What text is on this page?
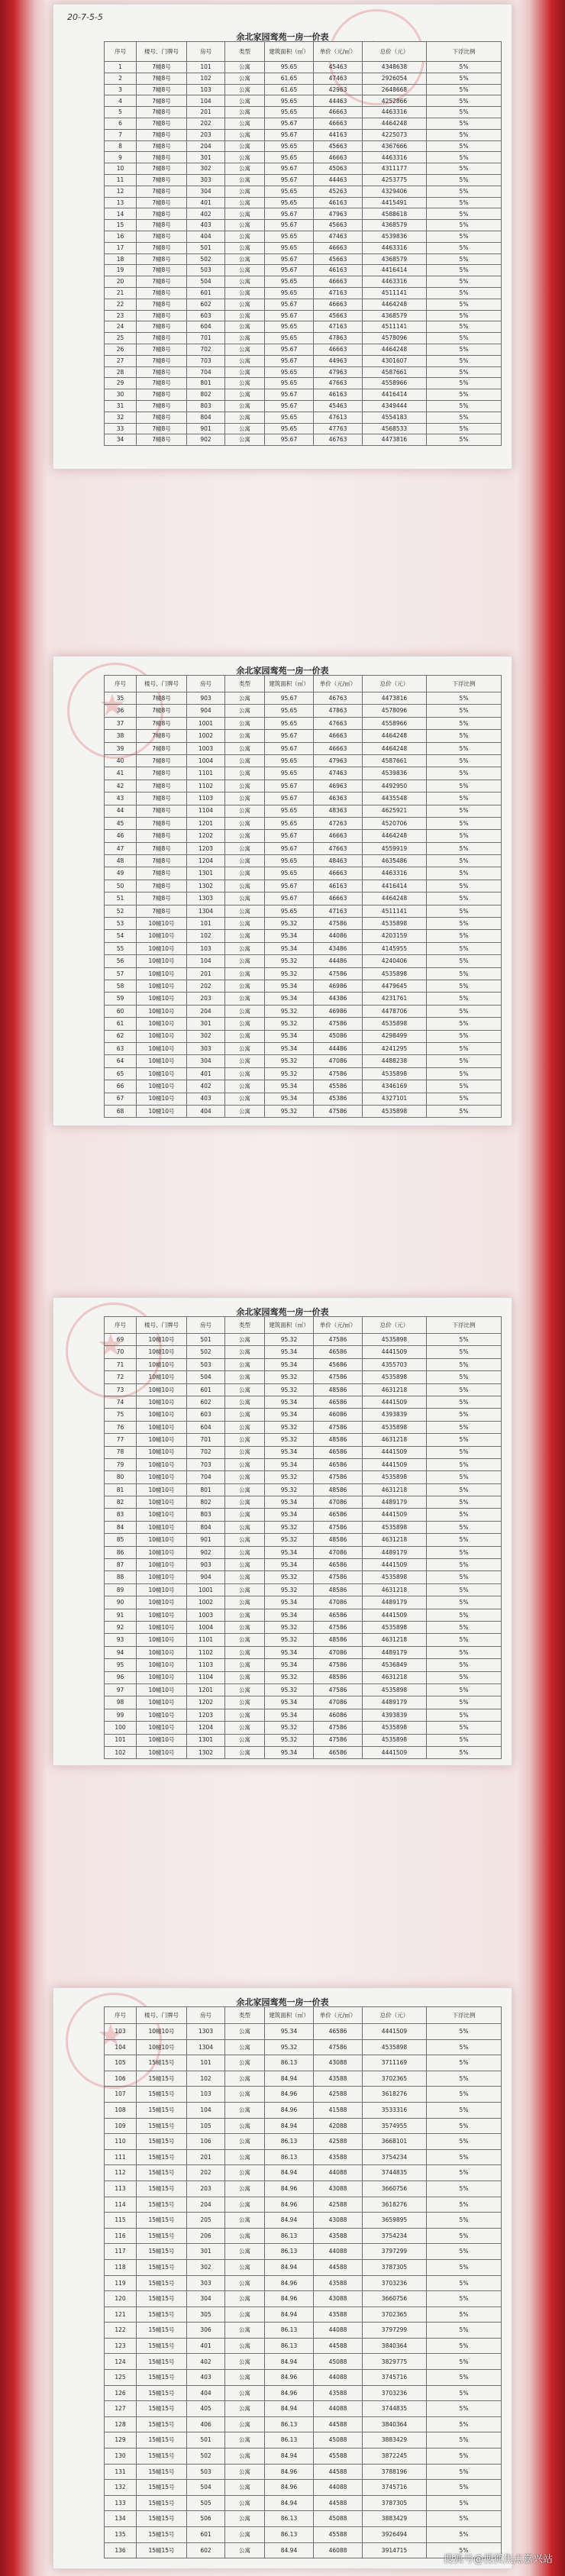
★
20-7-5-5
余北家园鸾苑一房一价表
序号	楼号、门牌号	房号	类型	建筑面积（㎡）	单价（元/㎡）	总价（元）	下浮比例
1	7幢8号	101	公寓	95.65	45463	4348638	5%
2	7幢8号	102	公寓	61.65	47463	2926054	5%
3	7幢8号	103	公寓	61.65	42963	2648668	5%
4	7幢8号	104	公寓	95.65	44463	4252866	5%
5	7幢8号	201	公寓	95.65	46663	4463316	5%
6	7幢8号	202	公寓	95.67	46663	4464248	5%
7	7幢8号	203	公寓	95.67	44163	4225073	5%
8	7幢8号	204	公寓	95.65	45663	4367666	5%
9	7幢8号	301	公寓	95.65	46663	4463316	5%
10	7幢8号	302	公寓	95.67	45063	4311177	5%
11	7幢8号	303	公寓	95.67	44463	4253775	5%
12	7幢8号	304	公寓	95.65	45263	4329406	5%
13	7幢8号	401	公寓	95.65	46163	4415491	5%
14	7幢8号	402	公寓	95.67	47963	4588618	5%
15	7幢8号	403	公寓	95.67	45663	4368579	5%
16	7幢8号	404	公寓	95.65	47463	4539836	5%
17	7幢8号	501	公寓	95.65	46663	4463316	5%
18	7幢8号	502	公寓	95.67	45663	4368579	5%
19	7幢8号	503	公寓	95.67	46163	4416414	5%
20	7幢8号	504	公寓	95.65	46663	4463316	5%
21	7幢8号	601	公寓	95.65	47163	4511141	5%
22	7幢8号	602	公寓	95.67	46663	4464248	5%
23	7幢8号	603	公寓	95.67	45663	4368579	5%
24	7幢8号	604	公寓	95.65	47163	4511141	5%
25	7幢8号	701	公寓	95.65	47863	4578096	5%
26	7幢8号	702	公寓	95.67	46663	4464248	5%
27	7幢8号	703	公寓	95.67	44963	4301607	5%
28	7幢8号	704	公寓	95.65	47963	4587661	5%
29	7幢8号	801	公寓	95.65	47663	4558966	5%
30	7幢8号	802	公寓	95.67	46163	4416414	5%
31	7幢8号	803	公寓	95.67	45463	4349444	5%
32	7幢8号	804	公寓	95.65	47613	4554183	5%
33	7幢8号	901	公寓	95.65	47763	4568533	5%
34	7幢8号	902	公寓	95.67	46763	4473816	5%
★
余北家园鸾苑一房一价表
序号	楼号、门牌号	房号	类型	建筑面积（㎡）	单价（元/㎡）	总价（元）	下浮比例
35	7幢8号	903	公寓	95.67	46763	4473816	5%
36	7幢8号	904	公寓	95.65	47863	4578096	5%
37	7幢8号	1001	公寓	95.65	47663	4558966	5%
38	7幢8号	1002	公寓	95.67	46663	4464248	5%
39	7幢8号	1003	公寓	95.67	46663	4464248	5%
40	7幢8号	1004	公寓	95.65	47963	4587661	5%
41	7幢8号	1101	公寓	95.65	47463	4539836	5%
42	7幢8号	1102	公寓	95.67	46963	4492950	5%
43	7幢8号	1103	公寓	95.67	46363	4435548	5%
44	7幢8号	1104	公寓	95.65	48363	4625921	5%
45	7幢8号	1201	公寓	95.65	47263	4520706	5%
46	7幢8号	1202	公寓	95.67	46663	4464248	5%
47	7幢8号	1203	公寓	95.67	47663	4559919	5%
48	7幢8号	1204	公寓	95.65	48463	4635486	5%
49	7幢8号	1301	公寓	95.65	46663	4463316	5%
50	7幢8号	1302	公寓	95.67	46163	4416414	5%
51	7幢8号	1303	公寓	95.67	46663	4464248	5%
52	7幢8号	1304	公寓	95.65	47163	4511141	5%
53	10幢10号	101	公寓	95.32	47586	4535898	5%
54	10幢10号	102	公寓	95.34	44086	4203159	5%
55	10幢10号	103	公寓	95.34	43486	4145955	5%
56	10幢10号	104	公寓	95.32	44486	4240406	5%
57	10幢10号	201	公寓	95.32	47586	4535898	5%
58	10幢10号	202	公寓	95.34	46986	4479645	5%
59	10幢10号	203	公寓	95.34	44386	4231761	5%
60	10幢10号	204	公寓	95.32	46986	4478706	5%
61	10幢10号	301	公寓	95.32	47586	4535898	5%
62	10幢10号	302	公寓	95.34	45086	4298499	5%
63	10幢10号	303	公寓	95.34	44486	4241295	5%
64	10幢10号	304	公寓	95.32	47086	4488238	5%
65	10幢10号	401	公寓	95.32	47586	4535898	5%
66	10幢10号	402	公寓	95.34	45586	4346169	5%
67	10幢10号	403	公寓	95.34	45386	4327101	5%
68	10幢10号	404	公寓	95.32	47586	4535898	5%
★
余北家园鸾苑一房一价表
序号	楼号、门牌号	房号	类型	建筑面积（㎡）	单价（元/㎡）	总价（元）	下浮比例
69	10幢10号	501	公寓	95.32	47586	4535898	5%
70	10幢10号	502	公寓	95.34	46586	4441509	5%
71	10幢10号	503	公寓	95.34	45686	4355703	5%
72	10幢10号	504	公寓	95.32	47586	4535898	5%
73	10幢10号	601	公寓	95.32	48586	4631218	5%
74	10幢10号	602	公寓	95.34	46586	4441509	5%
75	10幢10号	603	公寓	95.34	46086	4393839	5%
76	10幢10号	604	公寓	95.32	47586	4535898	5%
77	10幢10号	701	公寓	95.32	48586	4631218	5%
78	10幢10号	702	公寓	95.34	46586	4441509	5%
79	10幢10号	703	公寓	95.34	46586	4441509	5%
80	10幢10号	704	公寓	95.32	47586	4535898	5%
81	10幢10号	801	公寓	95.32	48586	4631218	5%
82	10幢10号	802	公寓	95.34	47086	4489179	5%
83	10幢10号	803	公寓	95.34	46586	4441509	5%
84	10幢10号	804	公寓	95.32	47586	4535898	5%
85	10幢10号	901	公寓	95.32	48586	4631218	5%
86	10幢10号	902	公寓	95.34	47086	4489179	5%
87	10幢10号	903	公寓	95.34	46586	4441509	5%
88	10幢10号	904	公寓	95.32	47586	4535898	5%
89	10幢10号	1001	公寓	95.32	48586	4631218	5%
90	10幢10号	1002	公寓	95.34	47086	4489179	5%
91	10幢10号	1003	公寓	95.34	46586	4441509	5%
92	10幢10号	1004	公寓	95.32	47586	4535898	5%
93	10幢10号	1101	公寓	95.32	48586	4631218	5%
94	10幢10号	1102	公寓	95.34	47086	4489179	5%
95	10幢10号	1103	公寓	95.34	47586	4536849	5%
96	10幢10号	1104	公寓	95.32	48586	4631218	5%
97	10幢10号	1201	公寓	95.32	47586	4535898	5%
98	10幢10号	1202	公寓	95.34	47086	4489179	5%
99	10幢10号	1203	公寓	95.34	46086	4393839	5%
100	10幢10号	1204	公寓	95.32	47586	4535898	5%
101	10幢10号	1301	公寓	95.32	47586	4535898	5%
102	10幢10号	1302	公寓	95.34	46586	4441509	5%
★
余北家园鸾苑一房一价表
序号	楼号、门牌号	房号	类型	建筑面积（㎡）	单价（元/㎡）	总价（元）	下浮比例
103	10幢10号	1303	公寓	95.34	46586	4441509	5%
104	10幢10号	1304	公寓	95.32	47586	4535898	5%
105	15幢15号	101	公寓	86.13	43088	3711169	5%
106	15幢15号	102	公寓	84.94	43588	3702365	5%
107	15幢15号	103	公寓	84.96	42588	3618276	5%
108	15幢15号	104	公寓	84.96	41588	3533316	5%
109	15幢15号	105	公寓	84.94	42088	3574955	5%
110	15幢15号	106	公寓	86.13	42588	3668101	5%
111	15幢15号	201	公寓	86.13	43588	3754234	5%
112	15幢15号	202	公寓	84.94	44088	3744835	5%
113	15幢15号	203	公寓	84.96	43088	3660756	5%
114	15幢15号	204	公寓	84.96	42588	3618276	5%
115	15幢15号	205	公寓	84.94	43088	3659895	5%
116	15幢15号	206	公寓	86.13	43588	3754234	5%
117	15幢15号	301	公寓	86.13	44088	3797299	5%
118	15幢15号	302	公寓	84.94	44588	3787305	5%
119	15幢15号	303	公寓	84.96	43588	3703236	5%
120	15幢15号	304	公寓	84.96	43088	3660756	5%
121	15幢15号	305	公寓	84.94	43588	3702365	5%
122	15幢15号	306	公寓	86.13	44088	3797299	5%
123	15幢15号	401	公寓	86.13	44588	3840364	5%
124	15幢15号	402	公寓	84.94	45088	3829775	5%
125	15幢15号	403	公寓	84.96	44088	3745716	5%
126	15幢15号	404	公寓	84.96	43588	3703236	5%
127	15幢15号	405	公寓	84.94	44088	3744835	5%
128	15幢15号	406	公寓	86.13	44588	3840364	5%
129	15幢15号	501	公寓	86.13	45088	3883429	5%
130	15幢15号	502	公寓	84.94	45588	3872245	5%
131	15幢15号	503	公寓	84.96	44588	3788196	5%
132	15幢15号	504	公寓	84.96	44088	3745716	5%
133	15幢15号	505	公寓	84.94	44588	3787305	5%
134	15幢15号	506	公寓	86.13	45088	3883429	5%
135	15幢15号	601	公寓	86.13	45588	3926494	5%
136	15幢15号	602	公寓	84.94	46088	3914715	5%
搜狐号@搜狐焦点嘉兴站
